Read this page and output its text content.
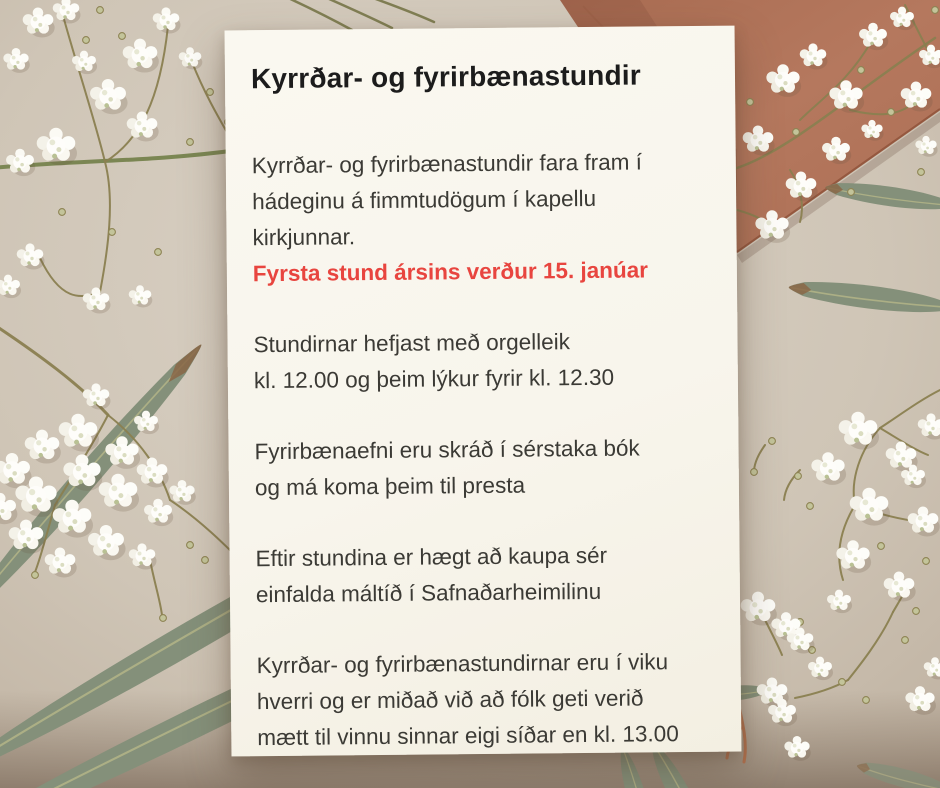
Kyrrðar- og fyrirbænastundir

Kyrrðar- og fyrirbænastundir fara fram í
hádeginu á fimmtudögum í kapellu
kirkjunnar.

Fyrsta stund ársins verður 15. janúar

Stundirnar hefjast með orgelleik
kl. 12.00 og þeim lýkur fyrir kl. 12.30

Fyrirbænaefni eru skráð í sérstaka bók
og má koma þeim til presta

Eftir stundina er hægt að kaupa sér
einfalda máltíð í Safnaðarheimilinu

Kyrrðar- og fyrirbænastundirnar eru í viku
hverri og er miðað við að fólk geti verið
mætt til vinnu sinnar eigi síðar en kl. 13.00
